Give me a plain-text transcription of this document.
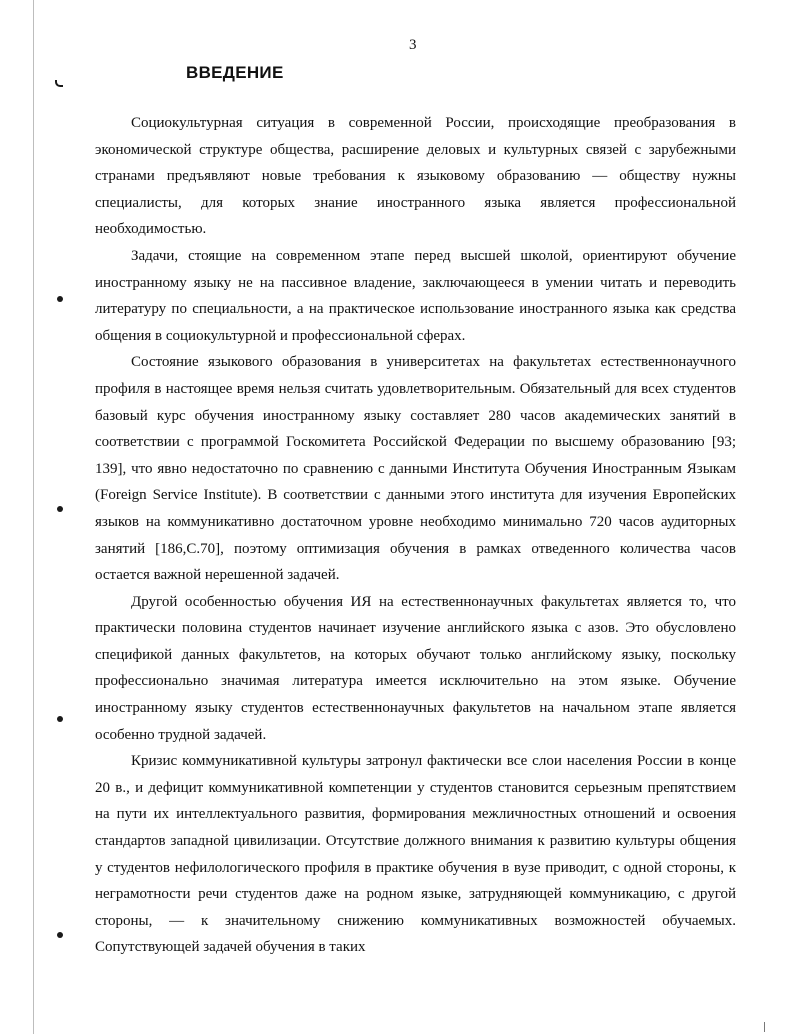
3
ВВЕДЕНИЕ

Социокультурная ситуация в современной России, происходящие преобразования в экономической структуре общества, расширение деловых и культурных связей с зарубежными странами предъявляют новые требования к языковому образованию — обществу нужны специалисты, для которых знание иностранного языка является профессиональной необходимостью.

Задачи, стоящие на современном этапе перед высшей школой, ориентируют обучение иностранному языку не на пассивное владение, заключающееся в умении читать и переводить литературу по специальности, а на практическое использование иностранного языка как средства общения в социокультурной и профессиональной сферах.

Состояние языкового образования в университетах на факультетах естественнонаучного профиля в настоящее время нельзя считать удовлетворительным. Обязательный для всех студентов базовый курс обучения иностранному языку составляет 280 часов академических занятий в соответствии с программой Госкомитета Российской Федерации по высшему образованию [93; 139], что явно недостаточно по сравнению с данными Института Обучения Иностранным Языкам (Foreign Service Institute). В соответствии с данными этого института для изучения Европейских языков на коммуникативно достаточном уровне необходимо минимально 720 часов аудиторных занятий [186,С.70], поэтому оптимизация обучения в рамках отведенного количества часов остается важной нерешенной задачей.

Другой особенностью обучения ИЯ на естественнонаучных факультетах является то, что практически половина студентов начинает изучение английского языка с азов. Это обусловлено спецификой данных факультетов, на которых обучают только английскому языку, поскольку профессионально значимая литература имеется исключительно на этом языке. Обучение иностранному языку студентов естественнонаучных факультетов на начальном этапе является особенно трудной задачей.

Кризис коммуникативной культуры затронул фактически все слои населения России в конце 20 в., и дефицит коммуникативной компетенции у студентов становится серьезным препятствием на пути их интеллектуального развития, формирования межличностных отношений и освоения стандартов западной цивилизации. Отсутствие должного внимания к развитию культуры общения у студентов нефилологического профиля в практике обучения в вузе приводит, с одной стороны, к неграмотности речи студентов даже на родном языке, затрудняющей коммуникацию, с другой стороны, — к значительному снижению коммуникативных возможностей обучаемых. Сопутствующей задачей обучения в таких
